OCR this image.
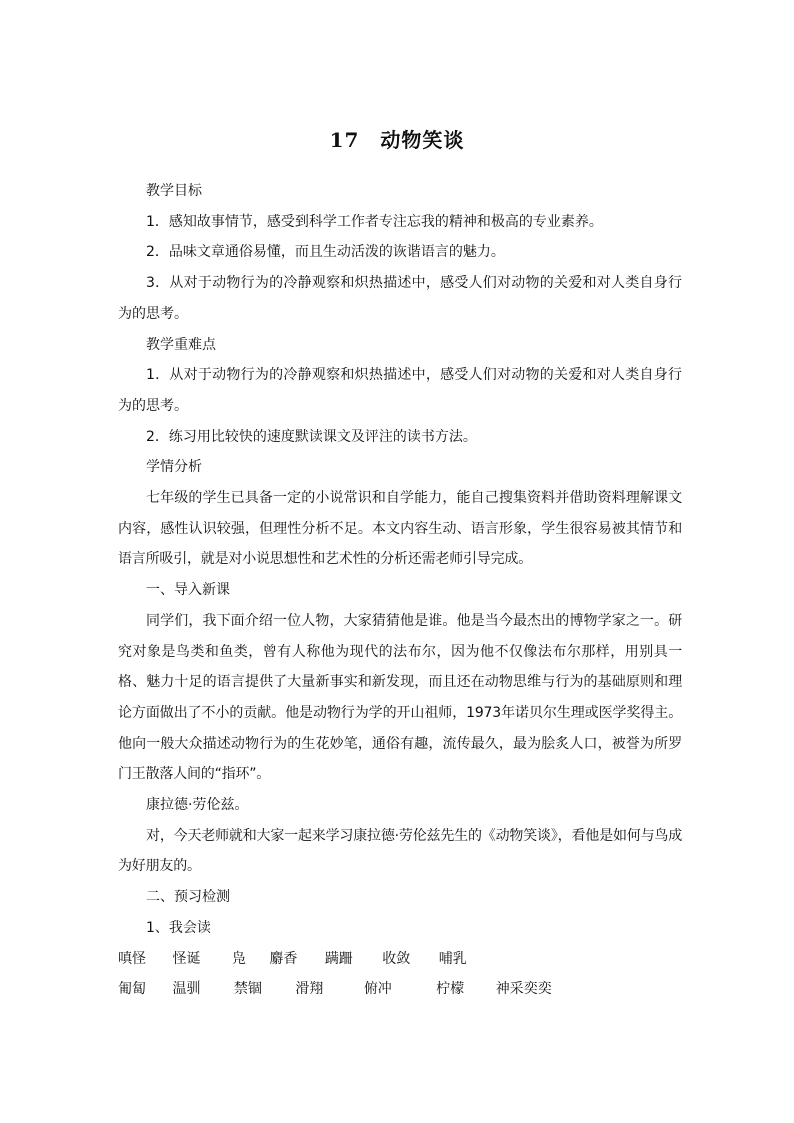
17　动物笑谈

教学目标

1．感知故事情节，感受到科学工作者专注忘我的精神和极高的专业素养。

2．品味文章通俗易懂，而且生动活泼的诙谐语言的魅力。

3．从对于动物行为的冷静观察和炽热描述中，感受人们对动物的关爱和对人类自身行为的思考。

教学重难点

1．从对于动物行为的冷静观察和炽热描述中，感受人们对动物的关爱和对人类自身行为的思考。

2．练习用比较快的速度默读课文及评注的读书方法。

学情分析

七年级的学生已具备一定的小说常识和自学能力，能自己搜集资料并借助资料理解课文内容，感性认识较强，但理性分析不足。本文内容生动、语言形象，学生很容易被其情节和语言所吸引，就是对小说思想性和艺术性的分析还需老师引导完成。

一、导入新课

同学们，我下面介绍一位人物，大家猜猜他是谁。他是当今最杰出的博物学家之一。研究对象是鸟类和鱼类，曾有人称他为现代的法布尔，因为他不仅像法布尔那样，用别具一格、魅力十足的语言提供了大量新事实和新发现，而且还在动物思维与行为的基础原则和理论方面做出了不小的贡献。他是动物行为学的开山祖师，1973年诺贝尔生理或医学奖得主。他向一般大众描述动物行为的生花妙笔，通俗有趣，流传最久，最为脍炙人口，被誉为所罗门王散落人间的“指环”。

康拉德·劳伦兹。

对，今天老师就和大家一起来学习康拉德·劳伦兹先生的《动物笑谈》，看他是如何与鸟成为好朋友的。

二、预习检测

1、我会读

嗔怪 怪诞 凫 麝香 蹒跚 收敛 哺乳

匍匐 温驯 禁锢 滑翔	俯冲	柠檬 神采奕奕
